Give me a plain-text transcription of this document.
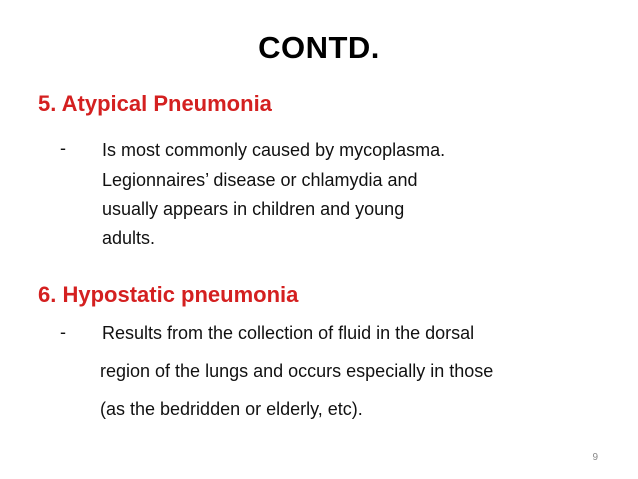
CONTD.
5. Atypical Pneumonia
- Is most commonly caused by mycoplasma.
Legionnaires’ disease or chlamydia and
usually appears in children and young
adults.
6. Hypostatic pneumonia
- Results from the collection of fluid in the dorsal
region of the lungs and occurs especially in those
(as the bedridden or elderly, etc).
9
